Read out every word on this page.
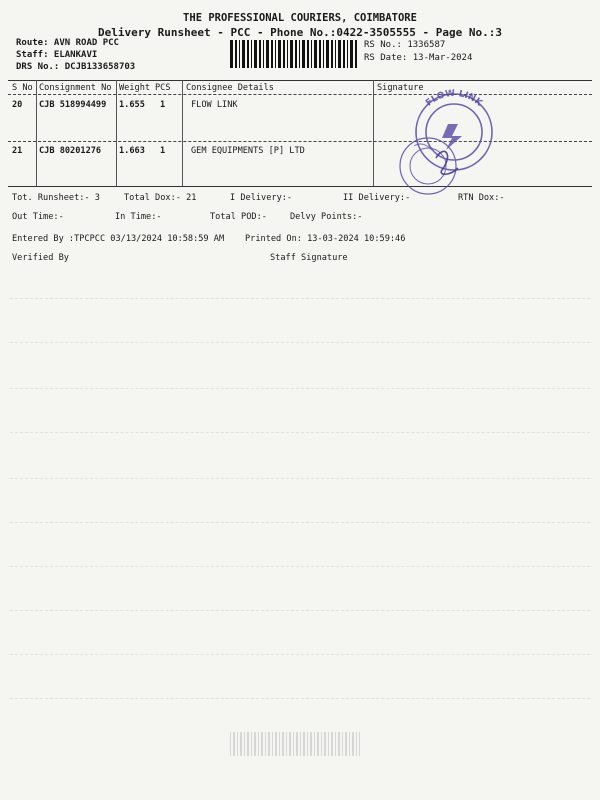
THE PROFESSIONAL COURIERS, COIMBATORE
Delivery Runsheet - PCC - Phone No.:0422-3505555 - Page No.:3
Route: AVN ROAD PCC
Staff: ELANKAVI
DRS No.: DCJB133658703
RS No.: 1336587
RS Date: 13-Mar-2024
S No Consignment No Weight PCS Consignee Details	Signature
20 CJB 518994499 1.655 1	FLOW LINK
21 CJB 80201276 1.663 1	GEM EQUIPMENTS [P] LTD
FLOW LINK
Tot. Runsheet:- 3	Total Dox:- 21	I Delivery:-	II Delivery:-	RTN Dox:-
Out Time:-	In Time:-	Total POD:-	Delvy Points:-
Entered By :TPCPCC 03/13/2024 10:58:59 AM Printed On: 13-03-2024 10:59:46
Verified By	Staff Signature
